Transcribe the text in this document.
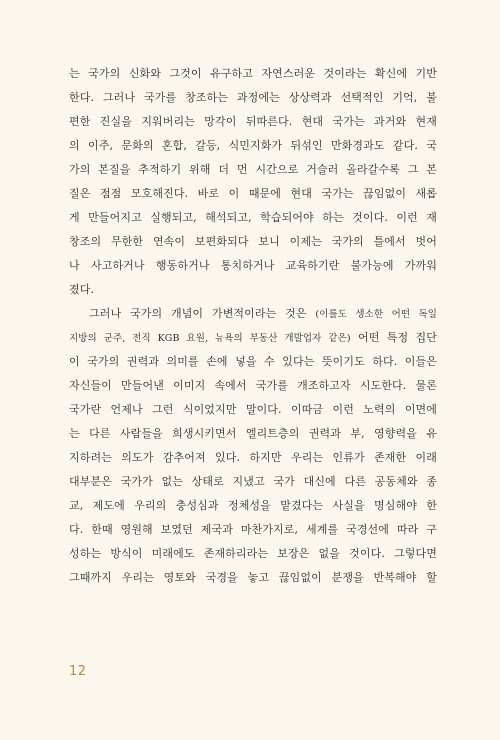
는 국가의 신화와 그것이 유구하고 자연스러운 것이라는 확신에 기반
한다. 그러나 국가를 창조하는 과정에는 상상력과 선택적인 기억, 불
편한 진실을 지워버리는 망각이 뒤따른다. 현대 국가는 과거와 현재
의 이주, 문화의 혼합, 갈등, 식민지화가 뒤섞인 만화경과도 같다. 국
가의 본질을 추적하기 위해 더 먼 시간으로 거슬러 올라갈수록 그 본
질은 점점 모호해진다. 바로 이 때문에 현대 국가는 끊임없이 새롭
게 만들어지고 실행되고, 해석되고, 학습되어야 하는 것이다. 이런 재
창조의 무한한 연속이 보편화되다 보니 이제는 국가의 틀에서 벗어
나 사고하거나 행동하거나 통치하거나 교육하기란 불가능에 가까워
졌다.
그러나 국가의 개념이 가변적이라는 것은 (이를도 생소한 어떤 독일
지방의 군주, 전직 KGB 요원, 뉴욕의 부동산 개발업자 같은) 어떤 특정 집단
이 국가의 권력과 의미를 손에 넣을 수 있다는 뜻이기도 하다. 이들은
자신들이 만들어낸 이미지 속에서 국가를 개조하고자 시도한다. 물론
국가란 언제나 그런 식이었지만 말이다. 이따금 이런 노력의 이면에
는 다른 사람들을 희생시키면서 엘리트층의 권력과 부, 영향력을 유
지하려는 의도가 감추어져 있다. 하지만 우리는 인류가 존재한 이래
대부분은 국가가 없는 상태로 지냈고 국가 대신에 다른 공동체와 종
교, 제도에 우리의 충성심과 정체성을 맡겼다는 사실을 명심해야 한
다. 한때 영원해 보였던 제국과 마찬가지로, 세계를 국경선에 따라 구
성하는 방식이 미래에도 존재하리라는 보장은 없을 것이다. 그렇다면
그때까지 우리는 영토와 국경을 놓고 끊임없이 분쟁을 반복해야 할
12
